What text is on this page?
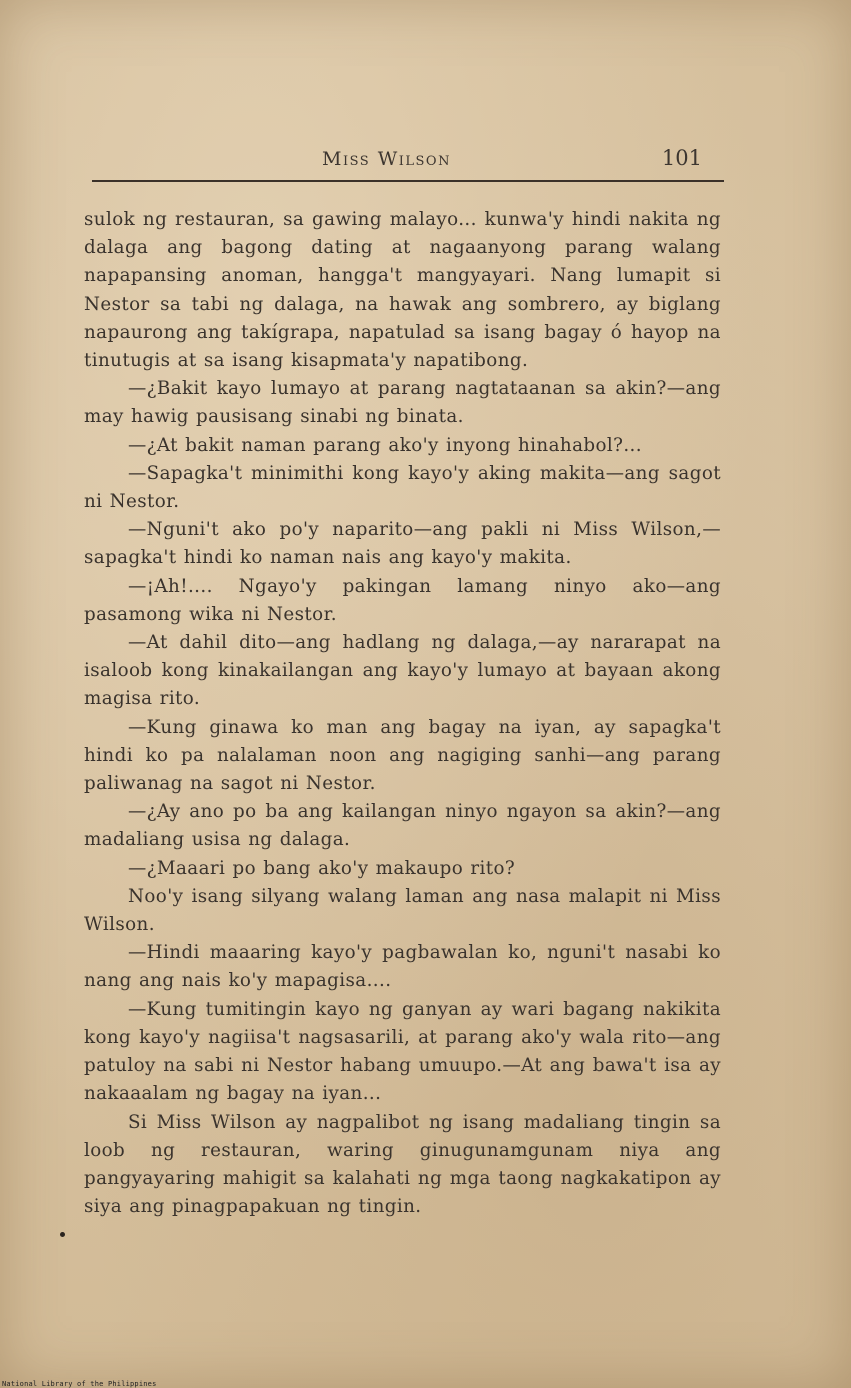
Miss Wilson	101

sulok ng restauran, sa gawing malayo... kunwa'y hindi nakita ng dalaga ang bagong dating at nagaanyong parang walang napapansing anoman, hangga't mangyayari. Nang lumapit si Nestor sa tabi ng dalaga, na hawak ang sombrero, ay biglang napaurong ang takígrapa, napatulad sa isang bagay ó hayop na tinutugis at sa isang kisapmata'y napatibong.

—¿Bakit kayo lumayo at parang nagtataanan sa akin?—ang may hawig pausisang sinabi ng binata.

—¿At bakit naman parang ako'y inyong hinahabol?...

—Sapagka't minimithi kong kayo'y aking makita—ang sagot ni Nestor.

—Nguni't ako po'y naparito—ang pakli ni Miss Wilson,—sapagka't hindi ko naman nais ang kayo'y makita.

—¡Ah!.... Ngayo'y pakingan lamang ninyo ako—ang pasamong wika ni Nestor.

—At dahil dito—ang hadlang ng dalaga,—ay nararapat na isaloob kong kinakailangan ang kayo'y lumayo at bayaan akong magisa rito.

—Kung ginawa ko man ang bagay na iyan, ay sapagka't hindi ko pa nalalaman noon ang nagiging sanhi—ang parang paliwanag na sagot ni Nestor.

—¿Ay ano po ba ang kailangan ninyo ngayon sa akin?—ang madaliang usisa ng dalaga.

—¿Maaari po bang ako'y makaupo rito?

Noo'y isang silyang walang laman ang nasa malapit ni Miss Wilson.

—Hindi maaaring kayo'y pagbawalan ko, nguni't nasabi ko nang ang nais ko'y mapagisa....

—Kung tumitingin kayo ng ganyan ay wari bagang nakikita kong kayo'y nagiisa't nagsasarili, at parang ako'y wala rito—ang patuloy na sabi ni Nestor habang umuupo.—At ang bawa't isa ay nakaaalam ng bagay na iyan...

Si Miss Wilson ay nagpalibot ng isang madaliang tingin sa loob ng restauran, waring ginugunamgunam niya ang pangyayaring mahigit sa kalahati ng mga taong nagkakatipon ay siya ang pinagpapakuan ng tingin.

National Library of the Philippines
